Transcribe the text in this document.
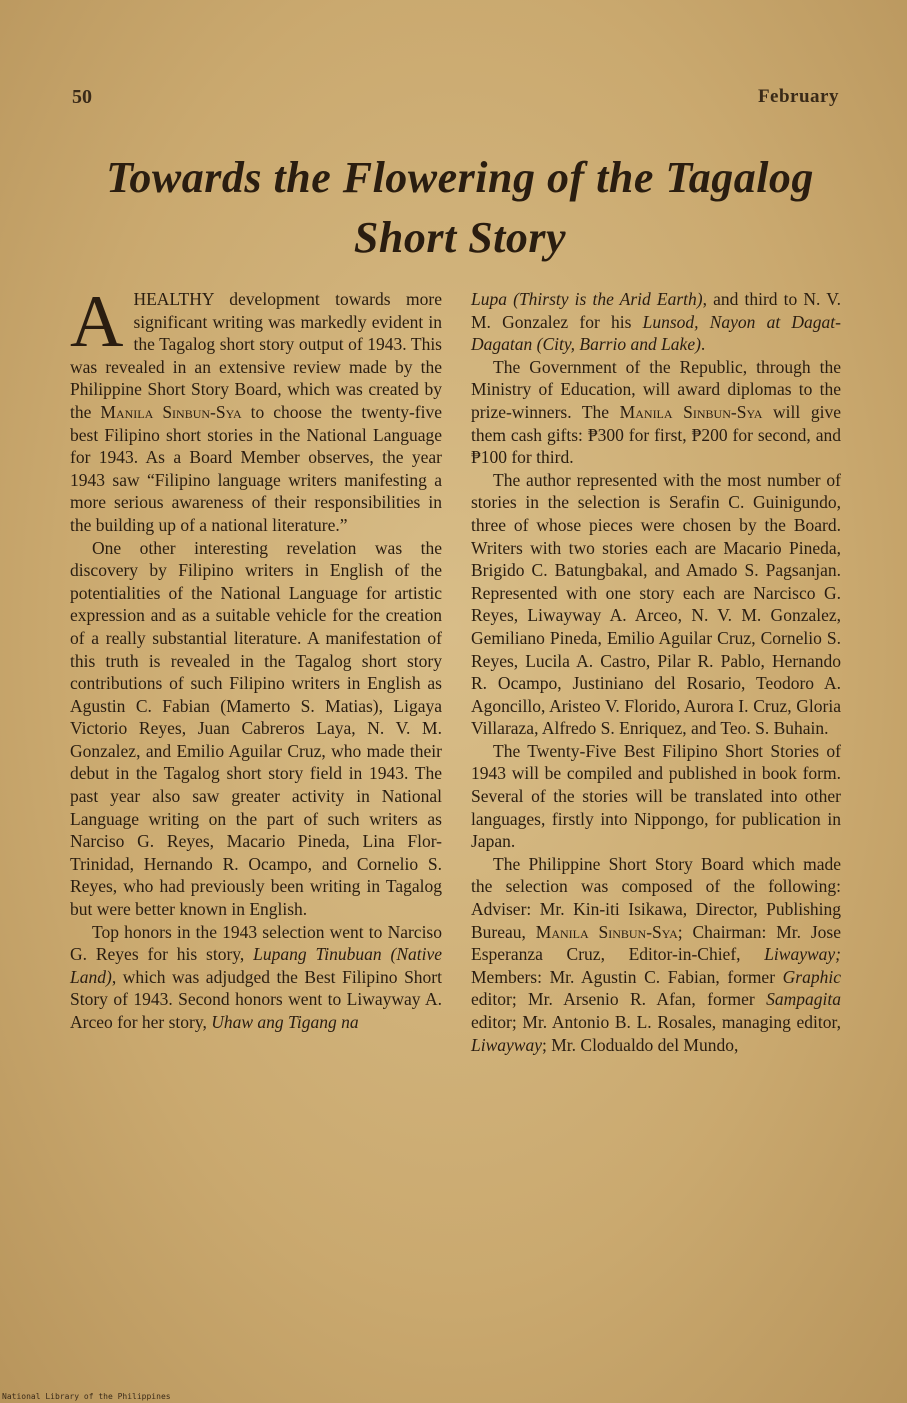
50	February
Towards the Flowering of the Tagalog
Short Story

A HEALTHY development towards more significant writing was markedly evident in the Tagalog short story output of 1943. This was revealed in an extensive review made by the Philippine Short Story Board, which was created by the Manila Sinbun-Sya to choose the twenty-five best Filipino short stories in the National Language for 1943. As a Board Member observes, the year 1943 saw “Filipino language writers manifesting a more serious awareness of their responsibilities in the building up of a national literature.”

One other interesting revelation was the discovery by Filipino writers in English of the potentialities of the National Language for artistic expression and as a suitable vehicle for the creation of a really substantial literature. A manifestation of this truth is revealed in the Tagalog short story contributions of such Filipino writers in English as Agustin C. Fabian (Mamerto S. Matias), Ligaya Victorio Reyes, Juan Cabreros Laya, N. V. M. Gonzalez, and Emilio Aguilar Cruz, who made their debut in the Tagalog short story field in 1943. The past year also saw greater activity in National Language writing on the part of such writers as Narciso G. Reyes, Macario Pineda, Lina Flor-Trinidad, Hernando R. Ocampo, and Cornelio S. Reyes, who had previously been writing in Tagalog but were better known in English.

Top honors in the 1943 selection went to Narciso G. Reyes for his story, Lupang Tinubuan (Native Land), which was adjudged the Best Filipino Short Story of 1943. Second honors went to Liwayway A. Arceo for her story, Uhaw ang Tigang na

Lupa (Thirsty is the Arid Earth), and third to N. V. M. Gonzalez for his Lunsod, Nayon at Dagat-Dagatan (City, Barrio and Lake).

The Government of the Republic, through the Ministry of Education, will award diplomas to the prize-winners. The Manila Sinbun-Sya will give them cash gifts: ₱300 for first, ₱200 for second, and ₱100 for third.

The author represented with the most number of stories in the selection is Serafin C. Guinigundo, three of whose pieces were chosen by the Board. Writers with two stories each are Macario Pineda, Brigido C. Batungbakal, and Amado S. Pagsanjan. Represented with one story each are Narcisco G. Reyes, Liwayway A. Arceo, N. V. M. Gonzalez, Gemiliano Pineda, Emilio Aguilar Cruz, Cornelio S. Reyes, Lucila A. Castro, Pilar R. Pablo, Hernando R. Ocampo, Justiniano del Rosario, Teodoro A. Agoncillo, Aristeo V. Florido, Aurora I. Cruz, Gloria Villaraza, Alfredo S. Enriquez, and Teo. S. Buhain.

The Twenty-Five Best Filipino Short Stories of 1943 will be compiled and published in book form. Several of the stories will be translated into other languages, firstly into Nippongo, for publication in Japan.

The Philippine Short Story Board which made the selection was composed of the following: Adviser: Mr. Kin-iti Isikawa, Director, Publishing Bureau, Manila Sinbun-Sya; Chairman: Mr. Jose Esperanza Cruz, Editor-in-Chief, Liwayway; Members: Mr. Agustin C. Fabian, former Graphic editor; Mr. Arsenio R. Afan, former Sampagita editor; Mr. Antonio B. L. Rosales, managing editor, Liwayway; Mr. Clodualdo del Mundo,

National Library of the Philippines
